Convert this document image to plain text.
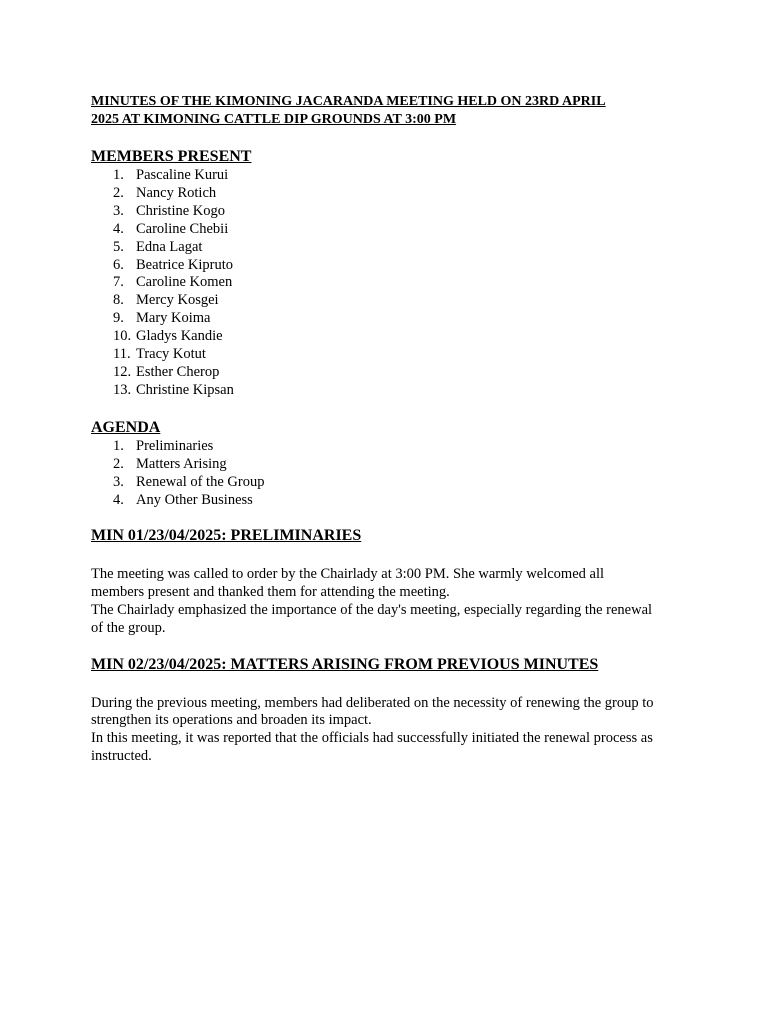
MINUTES OF THE KIMONING JACARANDA MEETING HELD ON 23RD APRIL
2025 AT KIMONING CATTLE DIP GROUNDS AT 3:00 PM

MEMBERS PRESENT

1. Pascaline Kurui
2. Nancy Rotich
3. Christine Kogo
4. Caroline Chebii
5. Edna Lagat
6. Beatrice Kipruto
7. Caroline Komen
8. Mercy Kosgei
9. Mary Koima
10. Gladys Kandie
11. Tracy Kotut
12. Esther Cherop
13. Christine Kipsan

AGENDA

1. Preliminaries
2. Matters Arising
3. Renewal of the Group
4. Any Other Business

MIN 01/23/04/2025: PRELIMINARIES

The meeting was called to order by the Chairlady at 3:00 PM. She warmly welcomed all
members present and thanked them for attending the meeting.
The Chairlady emphasized the importance of the day's meeting, especially regarding the renewal
of the group.

MIN 02/23/04/2025: MATTERS ARISING FROM PREVIOUS MINUTES

During the previous meeting, members had deliberated on the necessity of renewing the group to
strengthen its operations and broaden its impact.
In this meeting, it was reported that the officials had successfully initiated the renewal process as
instructed.
